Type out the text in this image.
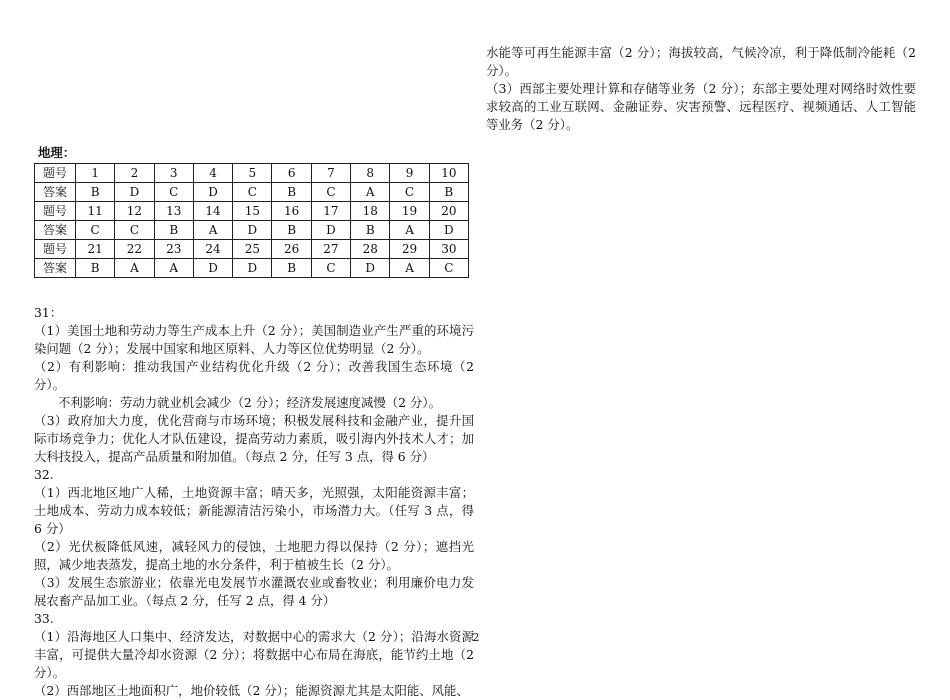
水能等可再生能源丰富（2 分）；海拔较高，气候冷凉，利于降低制冷能耗（2 分）。
（3）西部主要处理计算和存储等业务（2 分）；东部主要处理对网络时效性要求较高的工业互联网、金融证券、灾害预警、远程医疗、视频通话、人工智能等业务（2 分）。
地理：
题号	1	2	3	4	5	6	7	8	9	10
答案	B	D	C	D	C	B	C	A	C	B
题号	11	12	13	14	15	16	17	18	19	20
答案	C	C	B	A	D	B	D	B	A	D
题号	21	22	23	24	25	26	27	28	29	30
答案	B	A	A	D	D	B	C	D	A	C
31：
（1）美国土地和劳动力等生产成本上升（2 分）；美国制造业产生严重的环境污染问题（2 分）；发展中国家和地区原料、人力等区位优势明显（2 分）。
（2）有利影响：推动我国产业结构优化升级（2 分）；改善我国生态环境（2 分）。
不利影响：劳动力就业机会减少（2 分）；经济发展速度减慢（2 分）。
（3）政府加大力度，优化营商与市场环境；积极发展科技和金融产业，提升国际市场竞争力；优化人才队伍建设，提高劳动力素质，吸引海内外技术人才；加大科技投入，提高产品质量和附加值。（每点 2 分，任写 3 点，得 6 分）
32.
（1）西北地区地广人稀，土地资源丰富；晴天多，光照强，太阳能资源丰富；土地成本、劳动力成本较低；新能源清洁污染小，市场潜力大。（任写 3 点，得 6 分）
（2）光伏板降低风速，减轻风力的侵蚀，土地肥力得以保持（2 分）；遮挡光照，减少地表蒸发，提高土地的水分条件，利于植被生长（2 分）。
（3）发展生态旅游业；依靠光电发展节水灌溉农业或畜牧业；利用廉价电力发展农畜产品加工业。（每点 2 分，任写 2 点，得 4 分）
33.
（1）沿海地区人口集中、经济发达，对数据中心的需求大（2 分）；沿海水资源丰富，可提供大量冷却水资源（2 分）；将数据中心布局在海底，能节约土地（2 分）。
（2）西部地区土地面积广，地价较低（2 分）；能源资源尤其是太阳能、风能、
2
